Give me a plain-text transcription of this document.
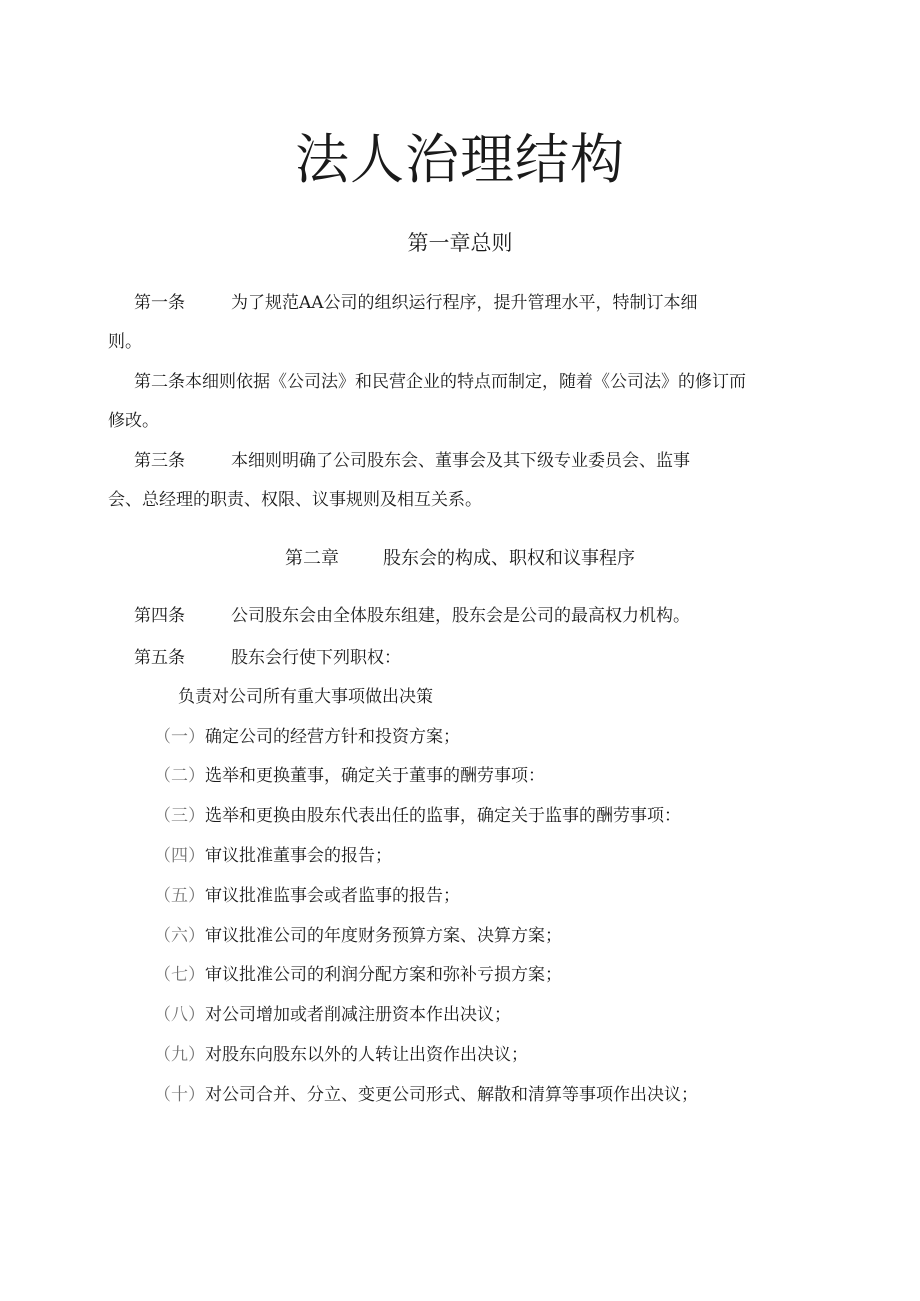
法人治理结构

第一章总则

第一条	为了规范AA公司的组织运行程序，提升管理水平，特制订本细
则。
第二条本细则依据《公司法》和民营企业的特点而制定，随着《公司法》的修订而
修改。
第三条	本细则明确了公司股东会、董事会及其下级专业委员会、监事
会、总经理的职责、权限、议事规则及相互关系。

第二章 股东会的构成、职权和议事程序

第四条	公司股东会由全体股东组建，股东会是公司的最高权力机构。
第五条	股东会行使下列职权：
负责对公司所有重大事项做出决策
（一）确定公司的经营方针和投资方案；
（二）选举和更换董事，确定关于董事的酬劳事项：
（三）选举和更换由股东代表出任的监事，确定关于监事的酬劳事项：
（四）审议批准董事会的报告；
（五）审议批准监事会或者监事的报告；
（六）审议批准公司的年度财务预算方案、决算方案；
（七）审议批准公司的利润分配方案和弥补亏损方案；
（八）对公司增加或者削减注册资本作出决议；
（九）对股东向股东以外的人转让出资作出决议；
（十）对公司合并、分立、变更公司形式、解散和清算等事项作出决议；
